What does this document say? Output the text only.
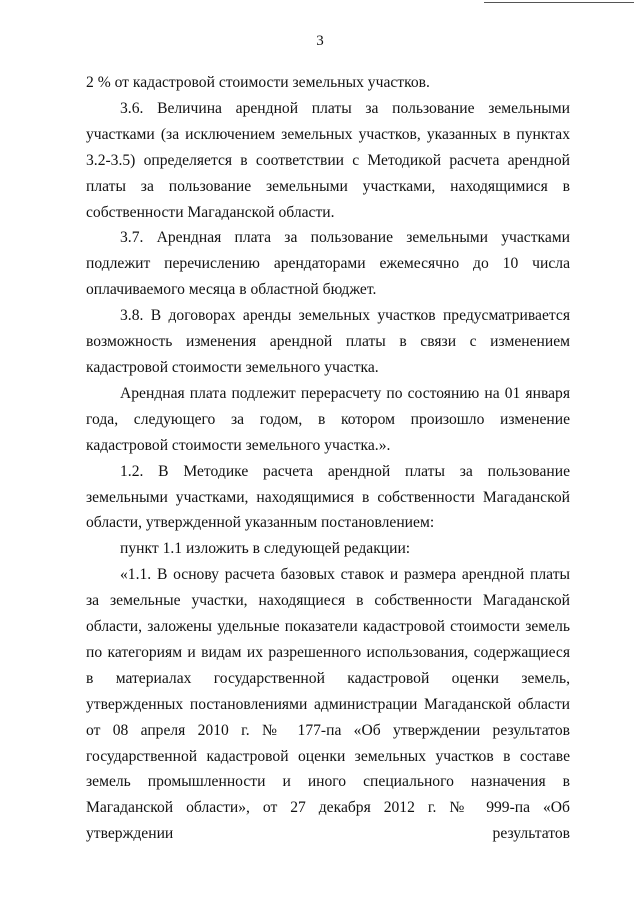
3

2 % от кадастровой стоимости земельных участков.

3.6. Величина арендной платы за пользование земельными участками (за исключением земельных участков, указанных в пунктах 3.2-3.5) определяется в соответствии с Методикой расчета арендной платы за пользование земельными участками, находящимися в собственности Магаданской области.

3.7. Арендная плата за пользование земельными участками подлежит перечислению арендаторами ежемесячно до 10 числа оплачиваемого месяца в областной бюджет.

3.8. В договорах аренды земельных участков предусматривается возможность изменения арендной платы в связи с изменением кадастровой стоимости земельного участка.

Арендная плата подлежит перерасчету по состоянию на 01 января года, следующего за годом, в котором произошло изменение кадастровой стоимости земельного участка.».

1.2. В Методике расчета арендной платы за пользование земельными участками, находящимися в собственности Магаданской области, утвержденной указанным постановлением:

пункт 1.1 изложить в следующей редакции:

«1.1. В основу расчета базовых ставок и размера арендной платы за земельные участки, находящиеся в собственности Магаданской области, заложены удельные показатели кадастровой стоимости земель по категориям и видам их разрешенного использования, содержащиеся в материалах государственной кадастровой оценки земель, утвержденных постановлениями администрации Магаданской области от 08 апреля 2010 г. № 177-па «Об утверждении результатов государственной кадастровой оценки земельных участков в составе земель промышленности и иного специального назначения в Магаданской области», от 27 декабря 2012 г. № 999-па «Об утверждении результатов
